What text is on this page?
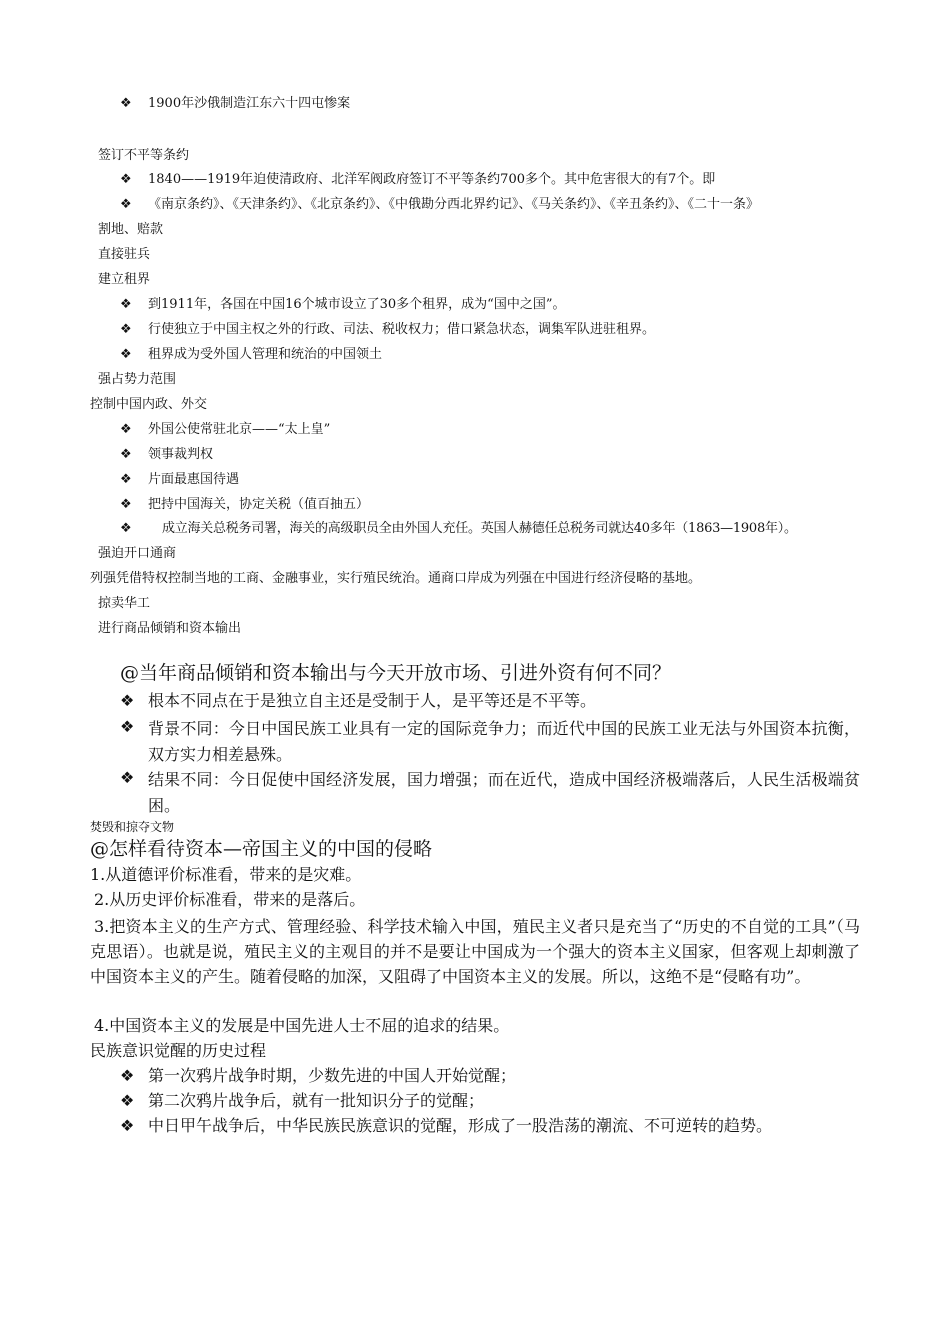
❖ 1900年沙俄制造江东六十四屯惨案
签订不平等条约
❖ 1840——1919年迫使清政府、北洋军阀政府签订不平等条约700多个。其中危害很大的有7个。即
❖ 《南京条约》、《天津条约》、《北京条约》、《中俄勘分西北界约记》、《马关条约》、《辛丑条约》、《二十一条》
割地、赔款
直接驻兵
建立租界
❖ 到1911年，各国在中国16个城市设立了30多个租界，成为“国中之国”。
❖ 行使独立于中国主权之外的行政、司法、税收权力；借口紧急状态，调集军队进驻租界。
❖ 租界成为受外国人管理和统治的中国领土
强占势力范围
控制中国内政、外交
❖ 外国公使常驻北京——“太上皇”
❖ 领事裁判权
❖ 片面最惠国待遇
❖ 把持中国海关，协定关税（值百抽五）
❖ 成立海关总税务司署，海关的高级职员全由外国人充任。英国人赫德任总税务司就达40多年（1863—1908年）。
强迫开口通商
列强凭借特权控制当地的工商、金融事业，实行殖民统治。通商口岸成为列强在中国进行经济侵略的基地。
掠卖华工
进行商品倾销和资本输出
@当年商品倾销和资本输出与今天开放市场、引进外资有何不同？
❖ 根本不同点在于是独立自主还是受制于人，是平等还是不平等。
❖ 背景不同：今日中国民族工业具有一定的国际竞争力；而近代中国的民族工业无法与外国资本抗衡，双方实力相差悬殊。
❖ 结果不同：今日促使中国经济发展，国力增强；而在近代，造成中国经济极端落后，人民生活极端贫困。
焚毁和掠夺文物
@怎样看待资本—帝国主义的中国的侵略
1.从道德评价标准看，带来的是灾难。
2.从历史评价标准看，带来的是落后。
3.把资本主义的生产方式、管理经验、科学技术输入中国，殖民主义者只是充当了“历史的不自觉的工具”（马克思语）。也就是说，殖民主义的主观目的并不是要让中国成为一个强大的资本主义国家，但客观上却刺激了中国资本主义的产生。随着侵略的加深，又阻碍了中国资本主义的发展。所以，这绝不是“侵略有功”。
4.中国资本主义的发展是中国先进人士不屈的追求的结果。
民族意识觉醒的历史过程
❖ 第一次鸦片战争时期，少数先进的中国人开始觉醒；
❖ 第二次鸦片战争后，就有一批知识分子的觉醒；
❖ 中日甲午战争后，中华民族民族意识的觉醒，形成了一股浩荡的潮流、不可逆转的趋势。
